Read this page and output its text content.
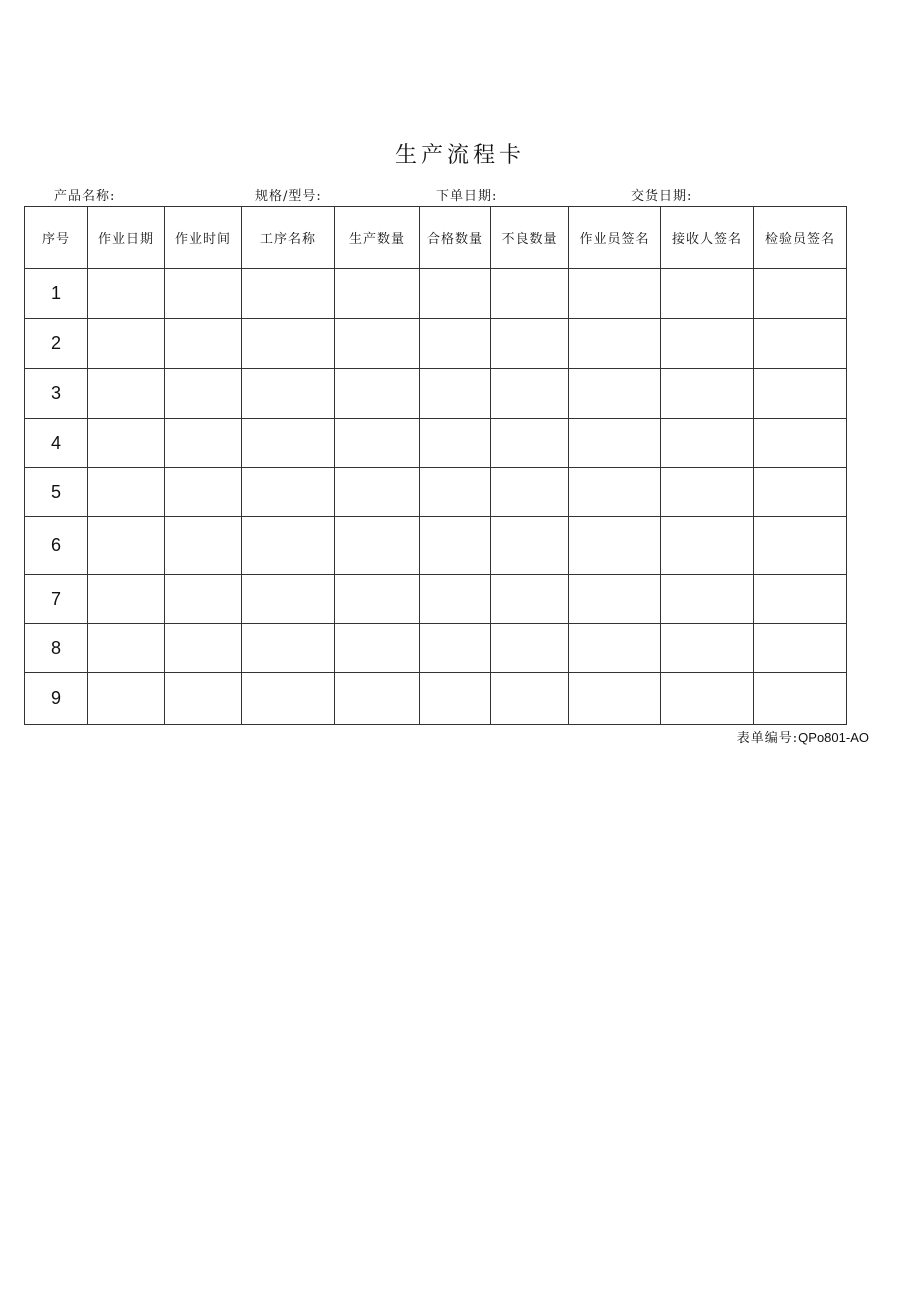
生产流程卡
产品名称:	规格/型号:	下单日期:	交货日期:
序号	作业日期	作业时间	工序名称	生产数量	合格数量	不良数量	作业员签名	接收人签名	检验员签名
1									
2									
3									
4									
5									
6									
7									
8									
9									
表单编号:QPo801-AO
